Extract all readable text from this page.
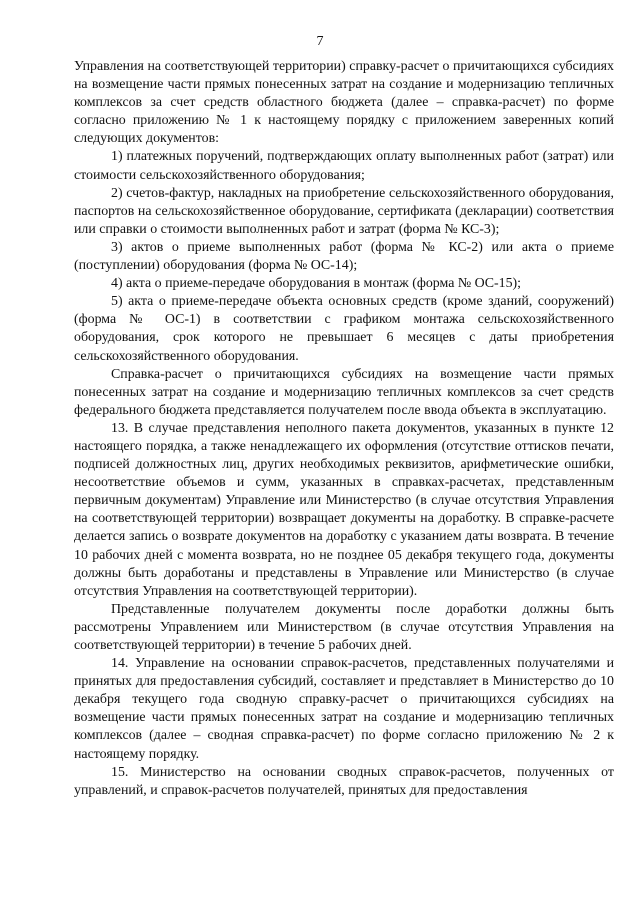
7

Управления на соответствующей территории) справку-расчет о причитающихся субсидиях на возмещение части прямых понесенных затрат на создание и модернизацию тепличных комплексов за счет средств областного бюджета (далее – справка-расчет) по форме согласно приложению № 1 к настоящему порядку с приложением заверенных копий следующих документов:

1) платежных поручений, подтверждающих оплату выполненных работ (затрат) или стоимости сельскохозяйственного оборудования;

2) счетов-фактур, накладных на приобретение сельскохозяйственного оборудования, паспортов на сельскохозяйственное оборудование, сертификата (декларации) соответствия или справки о стоимости выполненных работ и затрат (форма № КС-3);

3) актов о приеме выполненных работ (форма № КС-2) или акта о приеме (поступлении) оборудования (форма № ОС-14);

4) акта о приеме-передаче оборудования в монтаж (форма № ОС-15);

5) акта о приеме-передаче объекта основных средств (кроме зданий, сооружений) (форма № ОС-1) в соответствии с графиком монтажа сельскохозяйственного оборудования, срок которого не превышает 6 месяцев с даты приобретения сельскохозяйственного оборудования.

Справка-расчет о причитающихся субсидиях на возмещение части прямых понесенных затрат на создание и модернизацию тепличных комплексов за счет средств федерального бюджета представляется получателем после ввода объекта в эксплуатацию.

13. В случае представления неполного пакета документов, указанных в пункте 12 настоящего порядка, а также ненадлежащего их оформления (отсутствие оттисков печати, подписей должностных лиц, других необходимых реквизитов, арифметические ошибки, несоответствие объемов и сумм, указанных в справках-расчетах, представленным первичным документам) Управление или Министерство (в случае отсутствия Управления на соответствующей территории) возвращает документы на доработку. В справке-расчете делается запись о возврате документов на доработку с указанием даты возврата. В течение 10 рабочих дней с момента возврата, но не позднее 05 декабря текущего года, документы должны быть доработаны и представлены в Управление или Министерство (в случае отсутствия Управления на соответствующей территории).

Представленные получателем документы после доработки должны быть рассмотрены Управлением или Министерством (в случае отсутствия Управления на соответствующей территории) в течение 5 рабочих дней.

14. Управление на основании справок-расчетов, представленных получателями и принятых для предоставления субсидий, составляет и представляет в Министерство до 10 декабря текущего года сводную справку-расчет о причитающихся субсидиях на возмещение части прямых понесенных затрат на создание и модернизацию тепличных комплексов (далее – сводная справка-расчет) по форме согласно приложению № 2 к настоящему порядку.

15. Министерство на основании сводных справок-расчетов, полученных от управлений, и справок-расчетов получателей, принятых для предоставления
